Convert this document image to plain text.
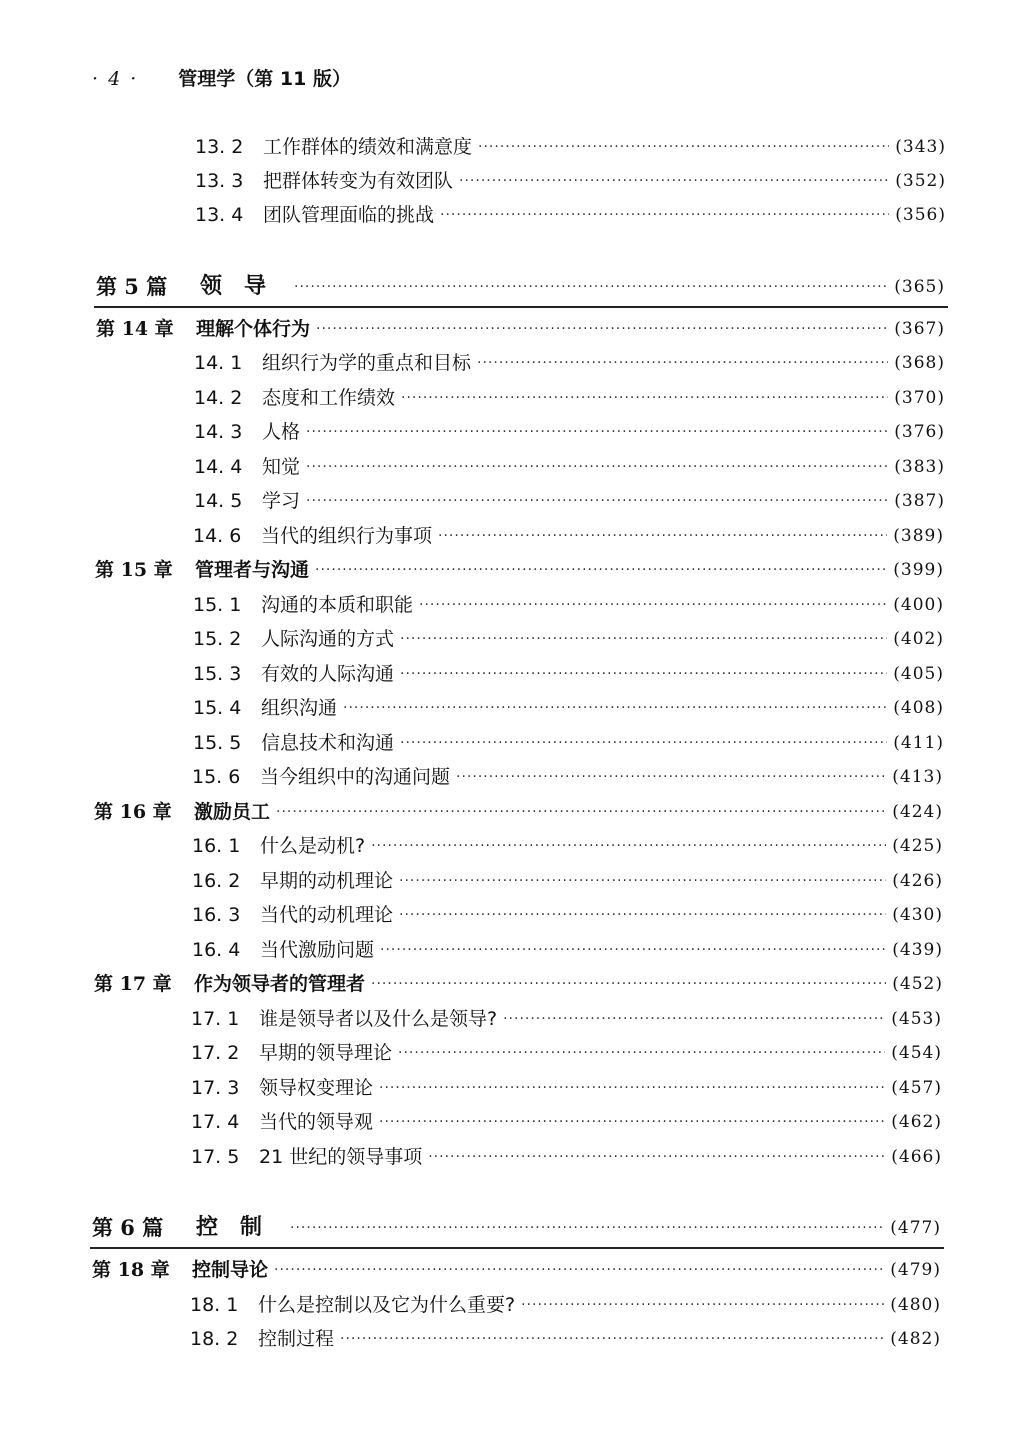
· 4 · 管理学（第 11 版）
13. 2	工作群体的绩效和满意度 ·····	(343)
13. 3	把群体转变为有效团队 ·····	(352)
13. 4	团队管理面临的挑战 ·····	(356)
第 5 篇	领导 ·····	(365)
第 14 章	理解个体行为 ·····	(367)
14. 1	组织行为学的重点和目标 ·····	(368)
14. 2	态度和工作绩效 ·····	(370)
14. 3	人格 ·····	(376)
14. 4	知觉 ·····	(383)
14. 5	学习 ·····	(387)
14. 6	当代的组织行为事项 ·····	(389)
第 15 章	管理者与沟通 ·····	(399)
15. 1	沟通的本质和职能 ·····	(400)
15. 2	人际沟通的方式 ·····	(402)
15. 3	有效的人际沟通 ·····	(405)
15. 4	组织沟通 ·····	(408)
15. 5	信息技术和沟通 ·····	(411)
15. 6	当今组织中的沟通问题 ·····	(413)
第 16 章	激励员工 ·····	(424)
16. 1	什么是动机? ·····	(425)
16. 2	早期的动机理论 ·····	(426)
16. 3	当代的动机理论 ·····	(430)
16. 4	当代激励问题 ·····	(439)
第 17 章	作为领导者的管理者 ·····	(452)
17. 1	谁是领导者以及什么是领导? ·····	(453)
17. 2	早期的领导理论 ·····	(454)
17. 3	领导权变理论 ·····	(457)
17. 4	当代的领导观 ·····	(462)
17. 5	21 世纪的领导事项 ·····	(466)
第 6 篇	控制 ·····	(477)
第 18 章	控制导论 ·····	(479)
18. 1	什么是控制以及它为什么重要? ·····	(480)
18. 2	控制过程 ·····	(482)
